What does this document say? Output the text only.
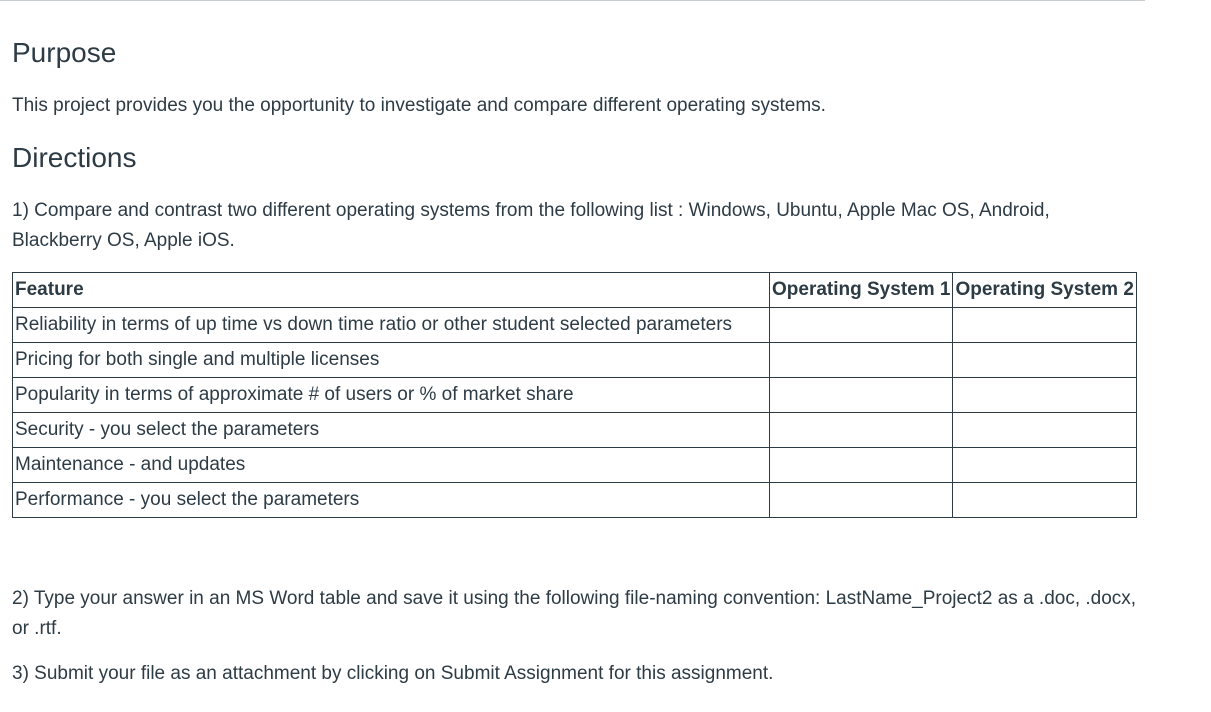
Purpose

This project provides you the opportunity to investigate and compare different operating systems.

Directions

1) Compare and contrast two different operating systems from the following list : Windows, Ubuntu, Apple Mac OS, Android, Blackberry OS, Apple iOS.

Feature	Operating System 1	Operating System 2
Reliability in terms of up time vs down time ratio or other student selected parameters		
Pricing for both single and multiple licenses		
Popularity in terms of approximate # of users or % of market share		
Security - you select the parameters		
Maintenance - and updates		
Performance - you select the parameters		

2) Type your answer in an MS Word table and save it using the following file-naming convention: LastName_Project2 as a .doc, .docx, or .rtf.

3) Submit your file as an attachment by clicking on Submit Assignment for this assignment.
